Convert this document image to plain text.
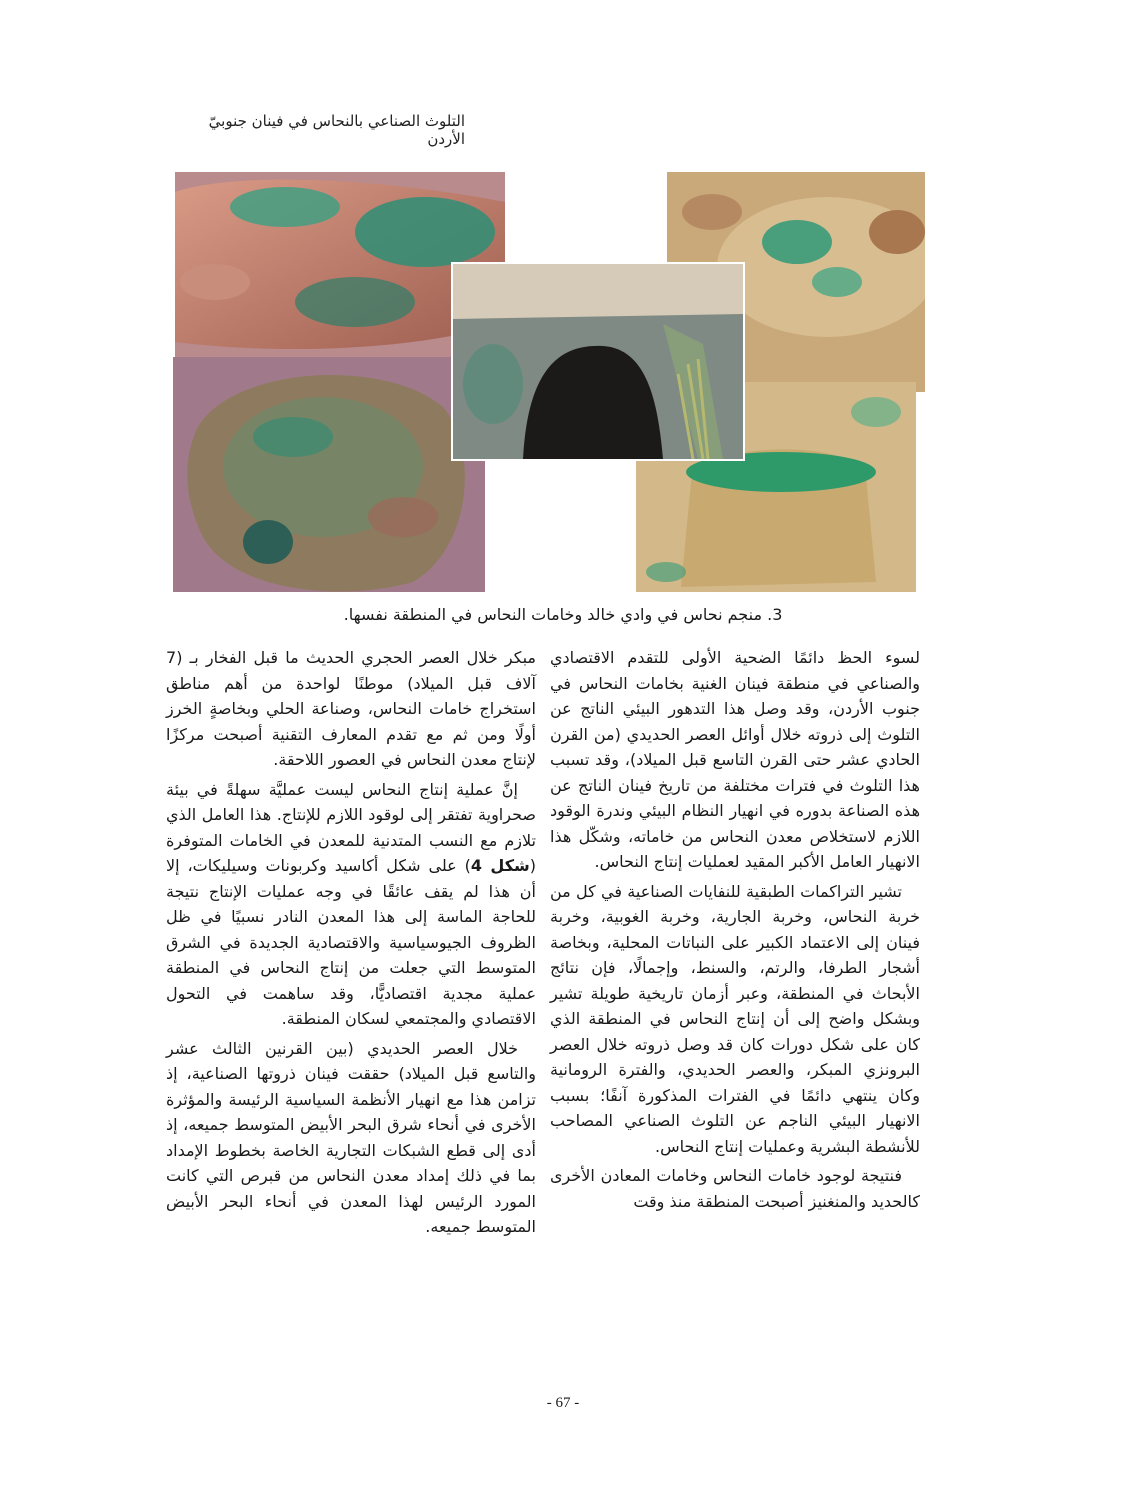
التلوث الصناعي بالنحاس في فينان جنوبيّ الأردن
3. منجم نحاس في وادي خالد وخامات النحاس في المنطقة نفسها.

لسوء الحظ دائمًا الضحية الأولى للتقدم الاقتصادي والصناعي في منطقة فينان الغنية بخامات النحاس في جنوب الأردن، وقد وصل هذا التدهور البيئي الناتج عن التلوث إلى ذروته خلال أوائل العصر الحديدي (من القرن الحادي عشر حتى القرن التاسع قبل الميلاد)، وقد تسبب هذا التلوث في فترات مختلفة من تاريخ فينان الناتج عن هذه الصناعة بدوره في انهيار النظام البيئي وندرة الوقود اللازم لاستخلاص معدن النحاس من خاماته، وشكّل هذا الانهيار العامل الأكبر المقيد لعمليات إنتاج النحاس.

تشير التراكمات الطبقية للنفايات الصناعية في كل من خربة النحاس، وخربة الجارية، وخربة الغوبية، وخربة فينان إلى الاعتماد الكبير على النباتات المحلية، وبخاصة أشجار الطرفا، والرتم، والسنط، وإجمالًا، فإن نتائج الأبحاث في المنطقة، وعبر أزمان تاريخية طويلة تشير وبشكل واضح إلى أن إنتاج النحاس في المنطقة الذي كان على شكل دورات كان قد وصل ذروته خلال العصر البرونزي المبكر، والعصر الحديدي، والفترة الرومانية وكان ينتهي دائمًا في الفترات المذكورة آنفًا؛ بسبب الانهيار البيئي الناجم عن التلوث الصناعي المصاحب للأنشطة البشرية وعمليات إنتاج النحاس.

فنتيجة لوجود خامات النحاس وخامات المعادن الأخرى كالحديد والمنغنيز أصبحت المنطقة منذ وقت

مبكر خلال العصر الحجري الحديث ما قبل الفخار بـ (7 آلاف قبل الميلاد) موطنًا لواحدة من أهم مناطق استخراج خامات النحاس، وصناعة الحلي وبخاصةٍ الخرز أولًا ومن ثم مع تقدم المعارف التقنية أصبحت مركزًا لإنتاج معدن النحاس في العصور اللاحقة.

إنَّ عملية إنتاج النحاس ليست عمليَّة سهلةً في بيئة صحراوية تفتقر إلى لوقود اللازم للإنتاج. هذا العامل الذي تلازم مع النسب المتدنية للمعدن في الخامات المتوفرة (شكل 4) على شكل أكاسيد وكربونات وسيليكات، إلا أن هذا لم يقف عائقًا في وجه عمليات الإنتاج نتيجة للحاجة الماسة إلى هذا المعدن النادر نسبيًا في ظل الظروف الجيوسياسية والاقتصادية الجديدة في الشرق المتوسط التي جعلت من إنتاج النحاس في المنطقة عملية مجدية اقتصاديًّا، وقد ساهمت في التحول الاقتصادي والمجتمعي لسكان المنطقة.

خلال العصر الحديدي (بين القرنين الثالث عشر والتاسع قبل الميلاد) حققت فينان ذروتها الصناعية، إذ تزامن هذا مع انهيار الأنظمة السياسية الرئيسة والمؤثرة الأخرى في أنحاء شرق البحر الأبيض المتوسط جميعه، إذ أدى إلى قطع الشبكات التجارية الخاصة بخطوط الإمداد بما في ذلك إمداد معدن النحاس من قبرص التي كانت المورد الرئيس لهذا المعدن في أنحاء البحر الأبيض المتوسط جميعه.

- 67 -
